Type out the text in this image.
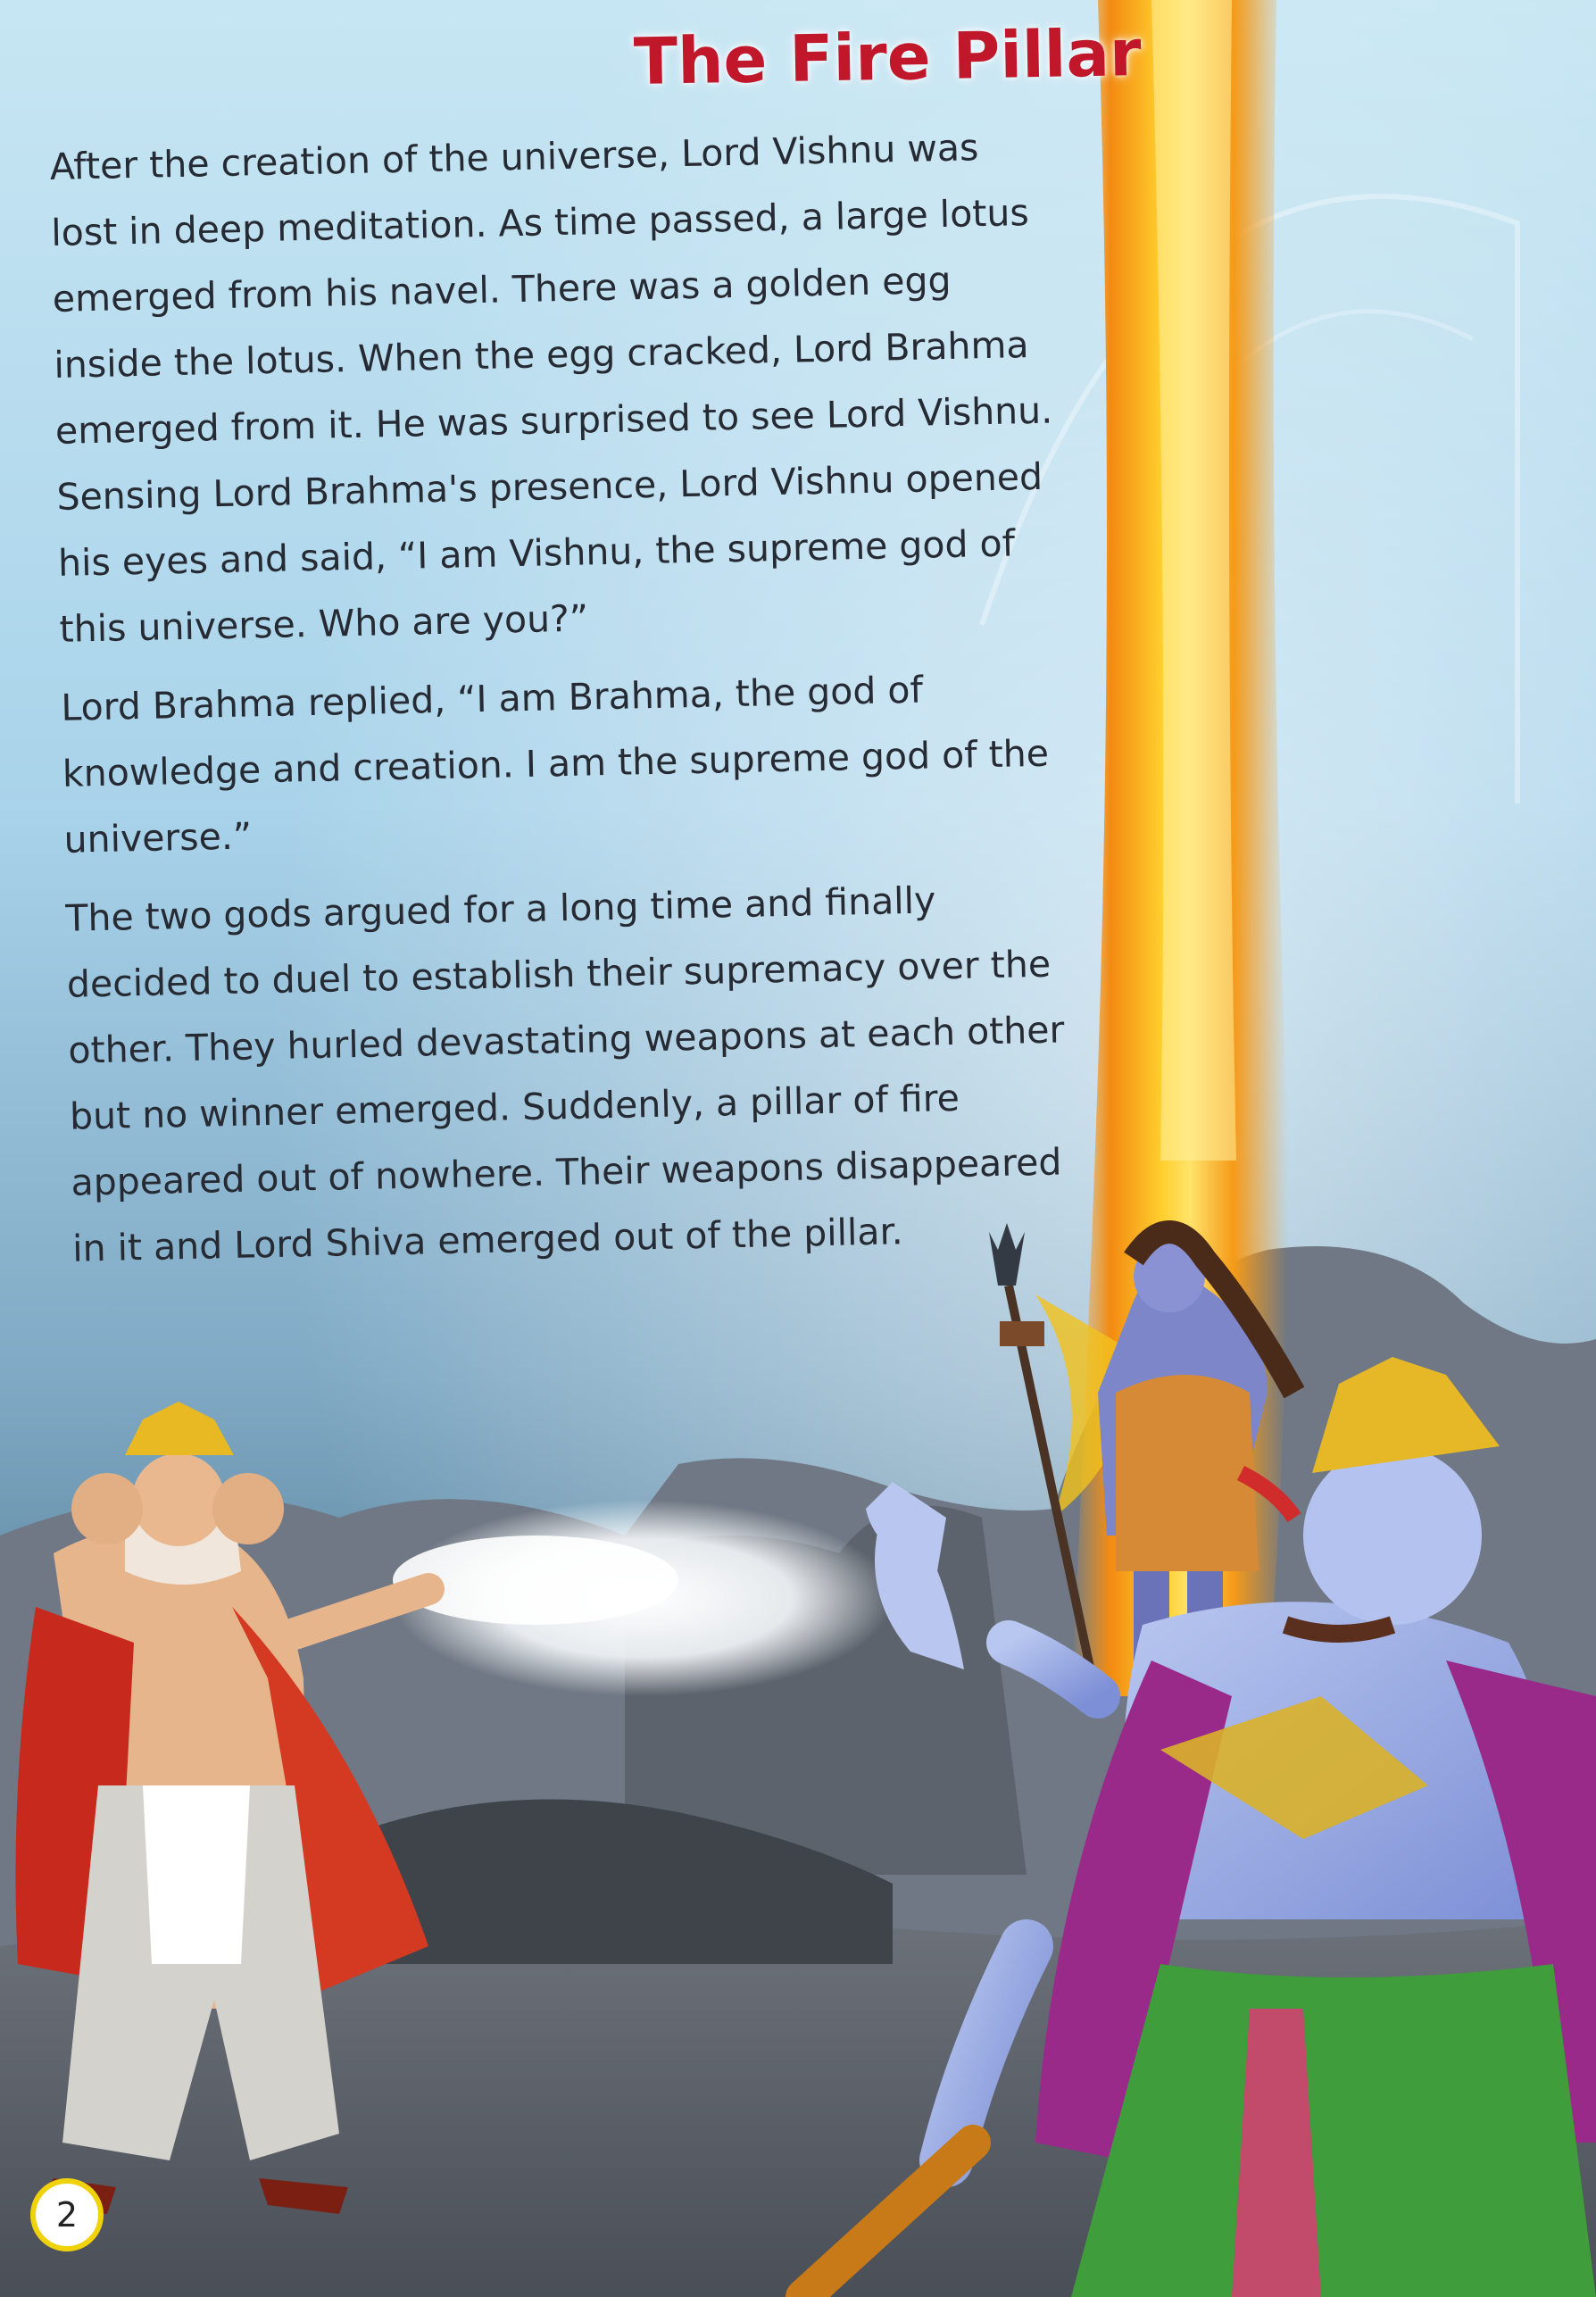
The Fire Pillar

After the creation of the universe, Lord Vishnu was lost in deep meditation. As time passed, a large lotus emerged from his navel. There was a golden egg inside the lotus. When the egg cracked, Lord Brahma emerged from it. He was surprised to see Lord Vishnu. Sensing Lord Brahma's presence, Lord Vishnu opened his eyes and said, “I am Vishnu, the supreme god of this universe. Who are you?”

Lord Brahma replied, “I am Brahma, the god of knowledge and creation. I am the supreme god of the universe.”

The two gods argued for a long time and finally decided to duel to establish their supremacy over the other. They hurled devastating weapons at each other but no winner emerged. Suddenly, a pillar of fire appeared out of nowhere. Their weapons disappeared in it and Lord Shiva emerged out of the pillar.

2
